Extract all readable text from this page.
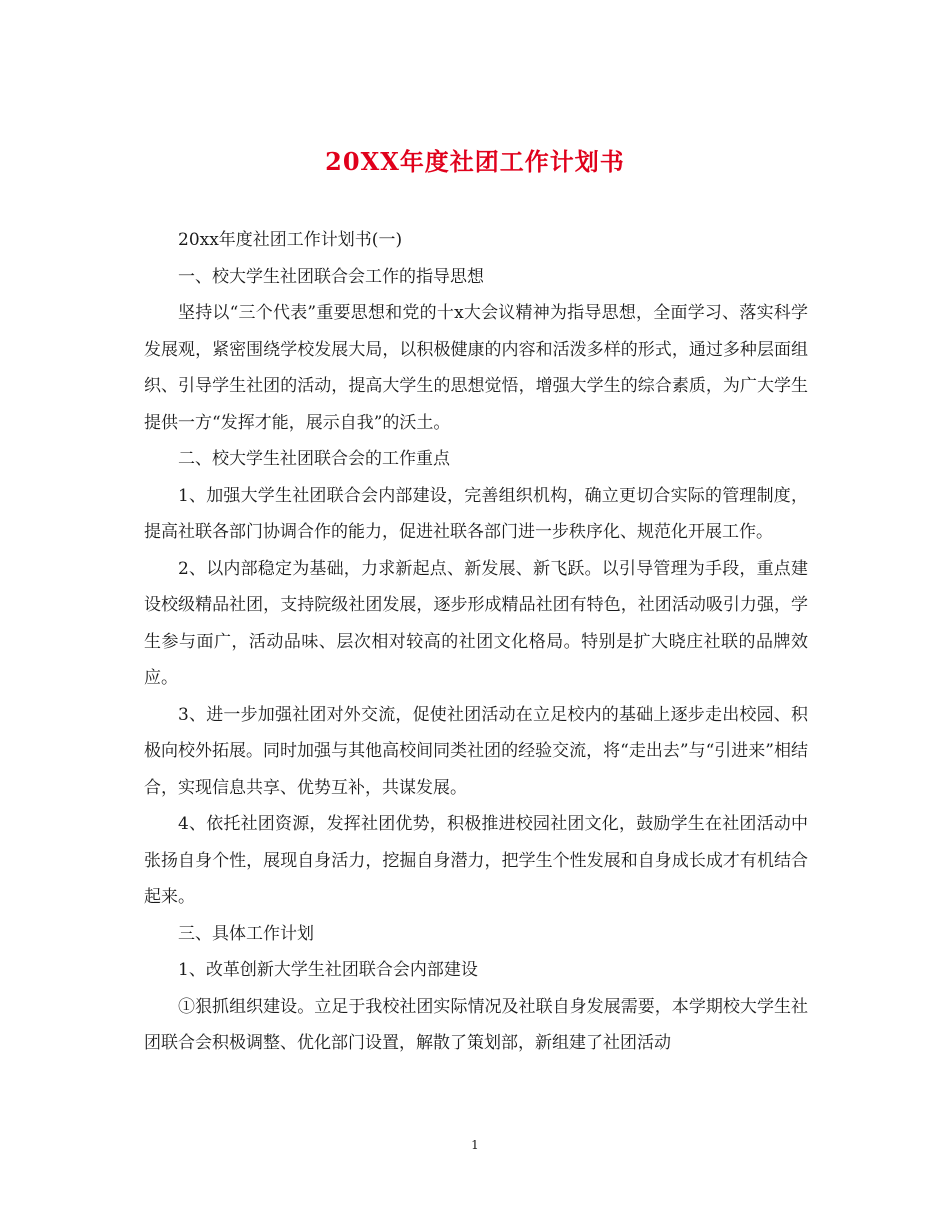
20XX年度社团工作计划书

20xx年度社团工作计划书(一)

一、校大学生社团联合会工作的指导思想

坚持以“三个代表”重要思想和党的十x大会议精神为指导思想，全面学习、落实科学发展观，紧密围绕学校发展大局，以积极健康的内容和活泼多样的形式，通过多种层面组织、引导学生社团的活动，提高大学生的思想觉悟，增强大学生的综合素质，为广大学生提供一方“发挥才能，展示自我”的沃土。

二、校大学生社团联合会的工作重点

1、加强大学生社团联合会内部建设，完善组织机构，确立更切合实际的管理制度，提高社联各部门协调合作的能力，促进社联各部门进一步秩序化、规范化开展工作。

2、以内部稳定为基础，力求新起点、新发展、新飞跃。以引导管理为手段，重点建设校级精品社团，支持院级社团发展，逐步形成精品社团有特色，社团活动吸引力强，学生参与面广，活动品味、层次相对较高的社团文化格局。特别是扩大晓庄社联的品牌效应。

3、进一步加强社团对外交流，促使社团活动在立足校内的基础上逐步走出校园、积极向校外拓展。同时加强与其他高校间同类社团的经验交流，将“走出去”与“引进来”相结合，实现信息共享、优势互补，共谋发展。

4、依托社团资源，发挥社团优势，积极推进校园社团文化，鼓励学生在社团活动中张扬自身个性，展现自身活力，挖掘自身潜力，把学生个性发展和自身成长成才有机结合起来。

三、具体工作计划

1、改革创新大学生社团联合会内部建设

①狠抓组织建设。立足于我校社团实际情况及社联自身发展需要，本学期校大学生社团联合会积极调整、优化部门设置，解散了策划部，新组建了社团活动

1
